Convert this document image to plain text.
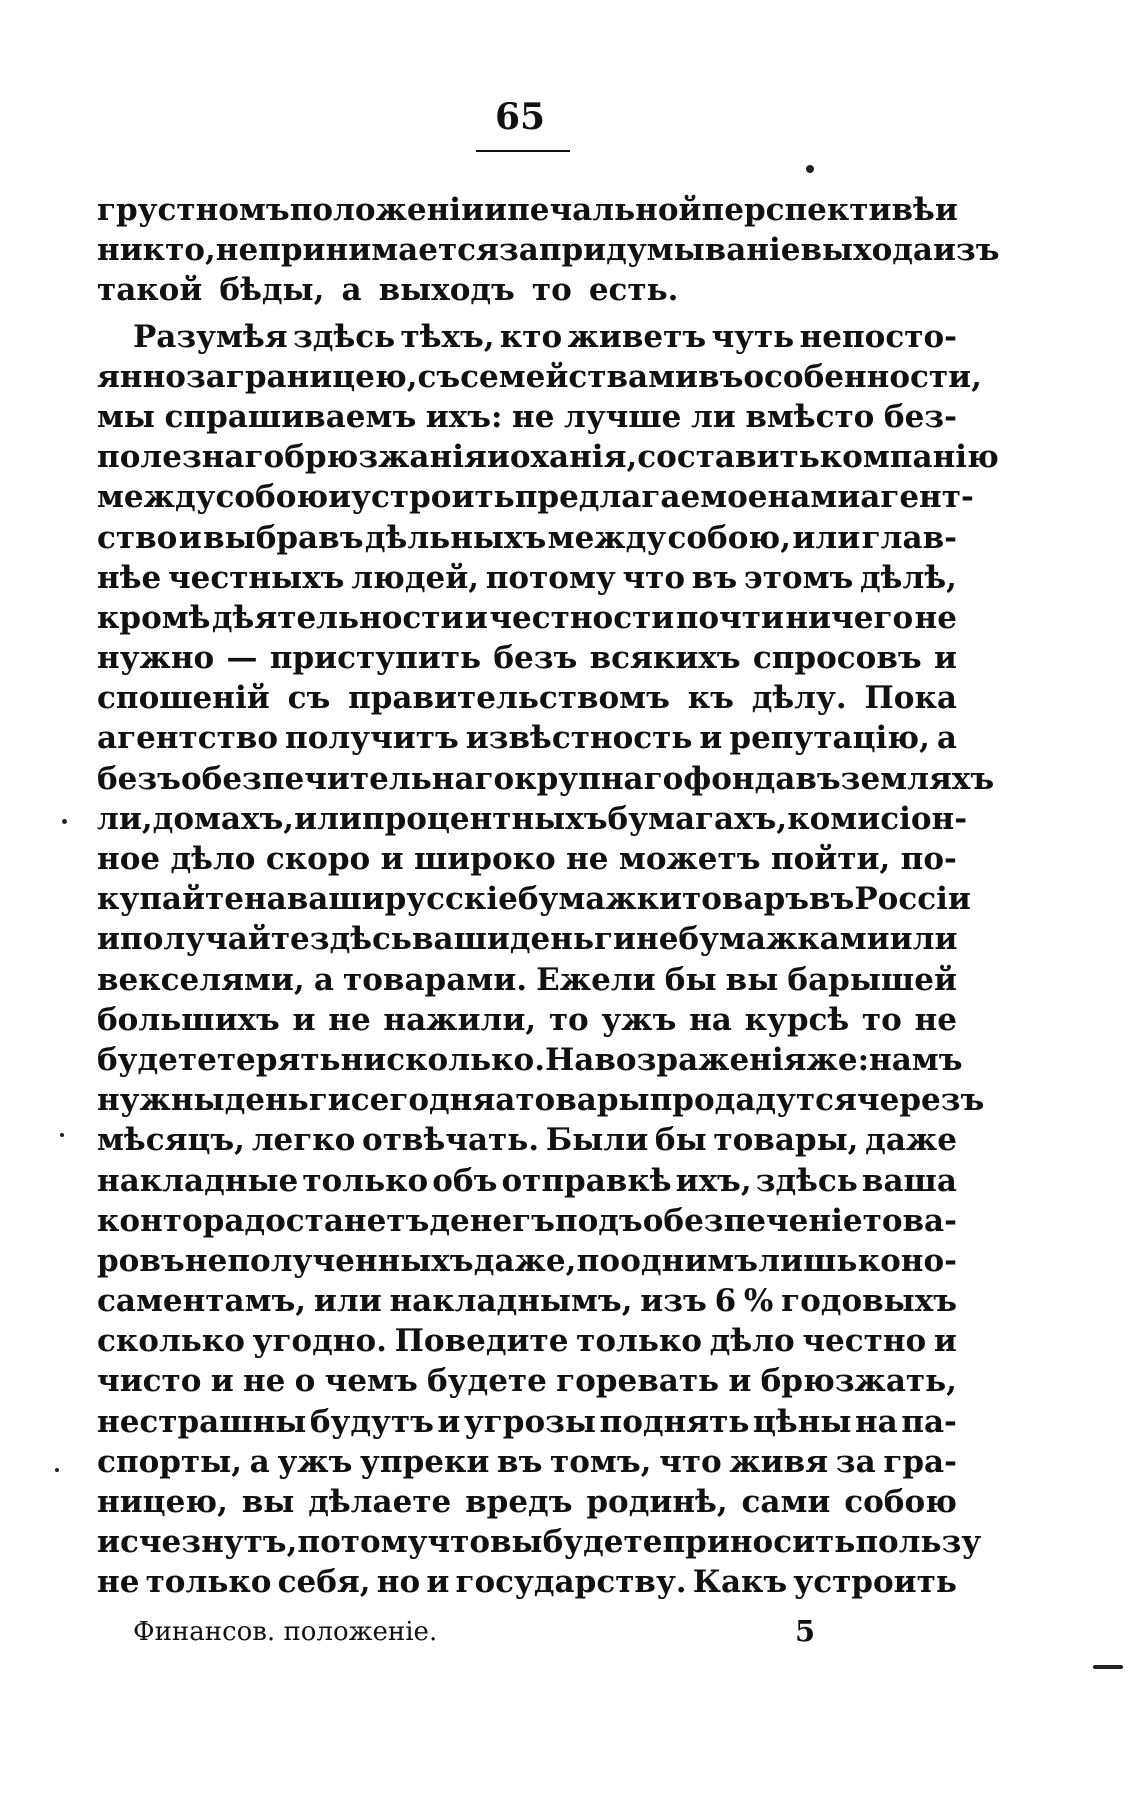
65
грустномъ положеніи и печальной перспективѣ и
никто, не принимается за придумываніе выхода изъ
такой бѣды, а выходъ то есть.
Разумѣя здѣсь тѣхъ, кто живетъ чуть непосто-
янно за границею, съ семействами въ особенности,
мы спрашиваемъ ихъ: не лучше ли вмѣсто без-
полезнаго брюзжанія и оханія, составить компанію
между собою и устроить предлагаемое нами агент-
ство и выбравъ дѣльныхъ между собою, или глав-
нѣе честныхъ людей, потому что въ этомъ дѣлѣ,
кромѣ дѣятельности и честности почти ничего не
нужно — приступить безъ всякихъ спросовъ и
спошеній съ правительствомъ къ дѣлу. Пока
агентство получитъ извѣстность и репутацію, а
безъ обезпечительнаго крупнаго фонда въ земляхъ
ли, домахъ, или процентныхъ бумагахъ, комисіон-
ное дѣло скоро и широко не можетъ пойти, по-
купайте на ваши русскіе бумажки товаръ въ Россіи
и получайте здѣсь ваши деньги не бумажками или
векселями, а товарами. Ежели бы вы барышей
большихъ и не нажили, то ужъ на курсѣ то не
будете терять нисколько. На возраженія же: намъ
нужны деньги сегодня а товары продадутся черезъ
мѣсяцъ, легко отвѣчать. Были бы товары, даже
накладные только объ отправкѣ ихъ, здѣсь ваша
контора достанетъ денегъ подъ обезпеченіе това-
ровъ неполученныхъ даже, по однимъ лишь коно-
саментамъ, или накладнымъ, изъ 6 % годовыхъ
сколько угодно. Поведите только дѣло честно и
чисто и не о чемъ будете горевать и брюзжать,
нестрашны будутъ и угрозы поднять цѣны на па-
спорты, а ужъ упреки въ томъ, что живя за гра-
ницею, вы дѣлаете вредъ родинѣ, сами собою
исчезнутъ, потому что вы будете приносить пользу
не только себя, но и государству. Какъ устроить
Финансов. положеніе.	5
